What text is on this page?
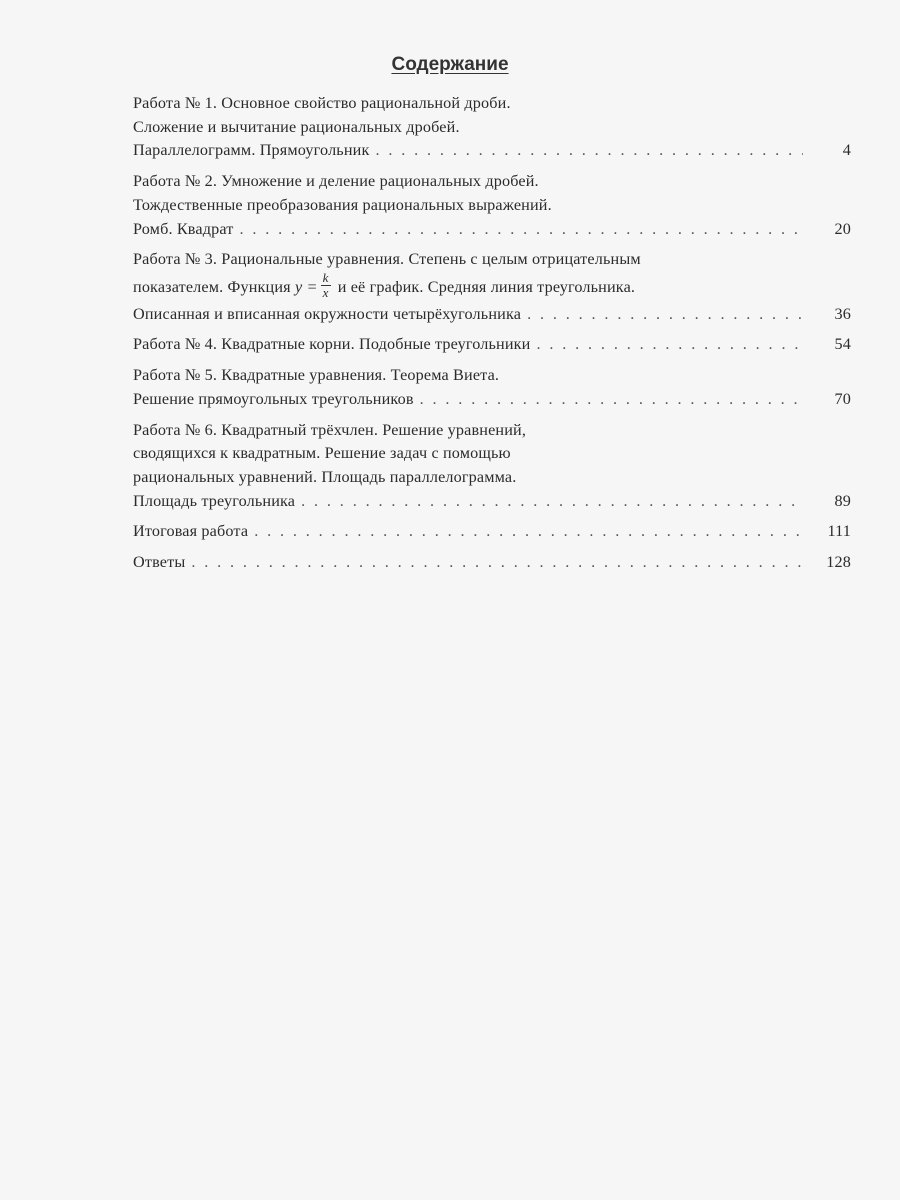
Содержание
Работа № 1. Основное свойство рациональной дроби.
Сложение и вычитание рациональных дробей.
Параллелограмм. Прямоугольник . . .	4
Работа № 2. Умножение и деление рациональных дробей.
Тождественные преобразования рациональных выражений.
Ромб. Квадрат . . .	20
Работа № 3. Рациональные уравнения. Степень с целым отрицательным
показателем. Функция $y = \frac{k}{x}$ и её график. Средняя линия треугольника.
Описанная и вписанная окружности четырёхугольника . . .	36
Работа № 4. Квадратные корни. Подобные треугольники . . .	54
Работа № 5. Квадратные уравнения. Теорема Виета.
Решение прямоугольных треугольников . . .	70
Работа № 6. Квадратный трёхчлен. Решение уравнений,
сводящихся к квадратным. Решение задач с помощью
рациональных уравнений. Площадь параллелограмма.
Площадь треугольника . . .	89
Итоговая работа . . .	111
Ответы . . .	128
